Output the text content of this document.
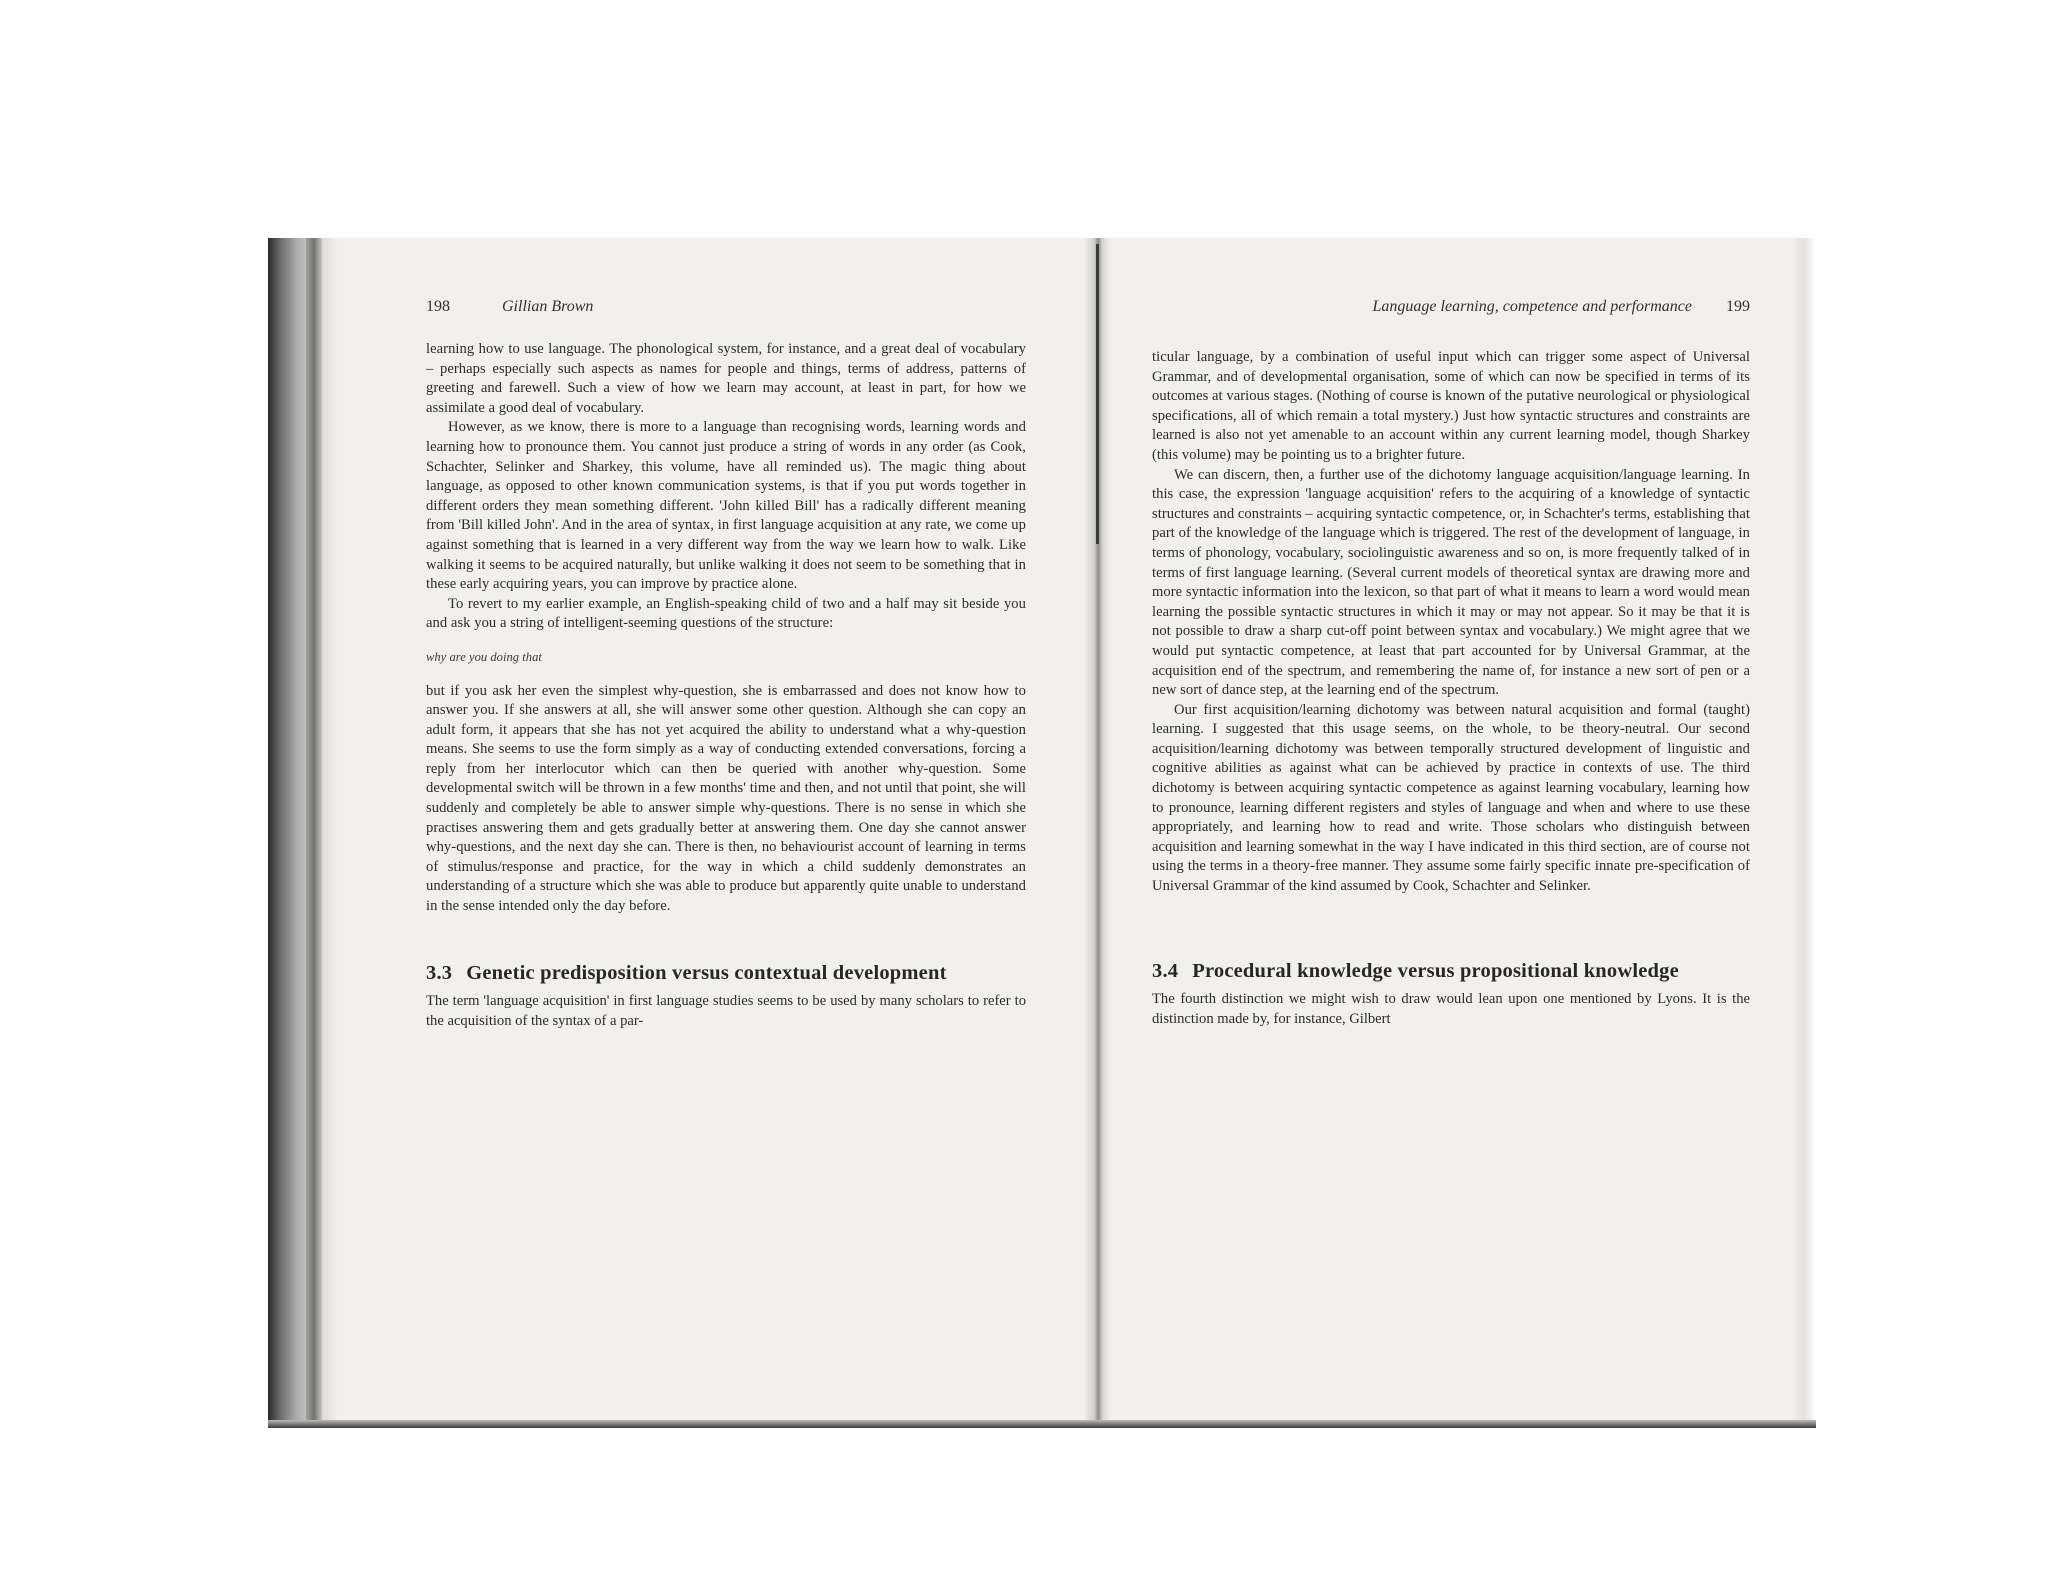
198	Gillian Brown

learning how to use language. The phonological system, for instance, and a great deal of vocabulary – perhaps especially such aspects as names for people and things, terms of address, patterns of greeting and farewell. Such a view of how we learn may account, at least in part, for how we assimilate a good deal of vocabulary.

However, as we know, there is more to a language than recognising words, learning words and learning how to pronounce them. You cannot just produce a string of words in any order (as Cook, Schachter, Selinker and Sharkey, this volume, have all reminded us). The magic thing about language, as opposed to other known communication systems, is that if you put words together in different orders they mean something different. 'John killed Bill' has a radically different meaning from 'Bill killed John'. And in the area of syntax, in first language acquisition at any rate, we come up against something that is learned in a very different way from the way we learn how to walk. Like walking it seems to be acquired naturally, but unlike walking it does not seem to be something that in these early acquiring years, you can improve by practice alone.

To revert to my earlier example, an English-speaking child of two and a half may sit beside you and ask you a string of intelligent-seeming questions of the structure:

why are you doing that

but if you ask her even the simplest why-question, she is embarrassed and does not know how to answer you. If she answers at all, she will answer some other question. Although she can copy an adult form, it appears that she has not yet acquired the ability to understand what a why-question means. She seems to use the form simply as a way of conducting extended conversations, forcing a reply from her interlocutor which can then be queried with another why-question. Some developmental switch will be thrown in a few months' time and then, and not until that point, she will suddenly and completely be able to answer simple why-questions. There is no sense in which she practises answering them and gets gradually better at answering them. One day she cannot answer why-questions, and the next day she can. There is then, no behaviourist account of learning in terms of stimulus/response and practice, for the way in which a child suddenly demonstrates an understanding of a structure which she was able to produce but apparently quite unable to understand in the sense intended only the day before.

3.3 Genetic predisposition versus contextual development

The term 'language acquisition' in first language studies seems to be used by many scholars to refer to the acquisition of the syntax of a par-

Language learning, competence and performance 199

ticular language, by a combination of useful input which can trigger some aspect of Universal Grammar, and of developmental organisation, some of which can now be specified in terms of its outcomes at various stages. (Nothing of course is known of the putative neurological or physiological specifications, all of which remain a total mystery.) Just how syntactic structures and constraints are learned is also not yet amenable to an account within any current learning model, though Sharkey (this volume) may be pointing us to a brighter future.

We can discern, then, a further use of the dichotomy language acquisition/language learning. In this case, the expression 'language acquisition' refers to the acquiring of a knowledge of syntactic structures and constraints – acquiring syntactic competence, or, in Schachter's terms, establishing that part of the knowledge of the language which is triggered. The rest of the development of language, in terms of phonology, vocabulary, sociolinguistic awareness and so on, is more frequently talked of in terms of first language learning. (Several current models of theoretical syntax are drawing more and more syntactic information into the lexicon, so that part of what it means to learn a word would mean learning the possible syntactic structures in which it may or may not appear. So it may be that it is not possible to draw a sharp cut-off point between syntax and vocabulary.) We might agree that we would put syntactic competence, at least that part accounted for by Universal Grammar, at the acquisition end of the spectrum, and remembering the name of, for instance a new sort of pen or a new sort of dance step, at the learning end of the spectrum.

Our first acquisition/learning dichotomy was between natural acquisition and formal (taught) learning. I suggested that this usage seems, on the whole, to be theory-neutral. Our second acquisition/learning dichotomy was between temporally structured development of linguistic and cognitive abilities as against what can be achieved by practice in contexts of use. The third dichotomy is between acquiring syntactic competence as against learning vocabulary, learning how to pronounce, learning different registers and styles of language and when and where to use these appropriately, and learning how to read and write. Those scholars who distinguish between acquisition and learning somewhat in the way I have indicated in this third section, are of course not using the terms in a theory-free manner. They assume some fairly specific innate pre-specification of Universal Grammar of the kind assumed by Cook, Schachter and Selinker.

3.4 Procedural knowledge versus propositional knowledge

The fourth distinction we might wish to draw would lean upon one mentioned by Lyons. It is the distinction made by, for instance, Gilbert
